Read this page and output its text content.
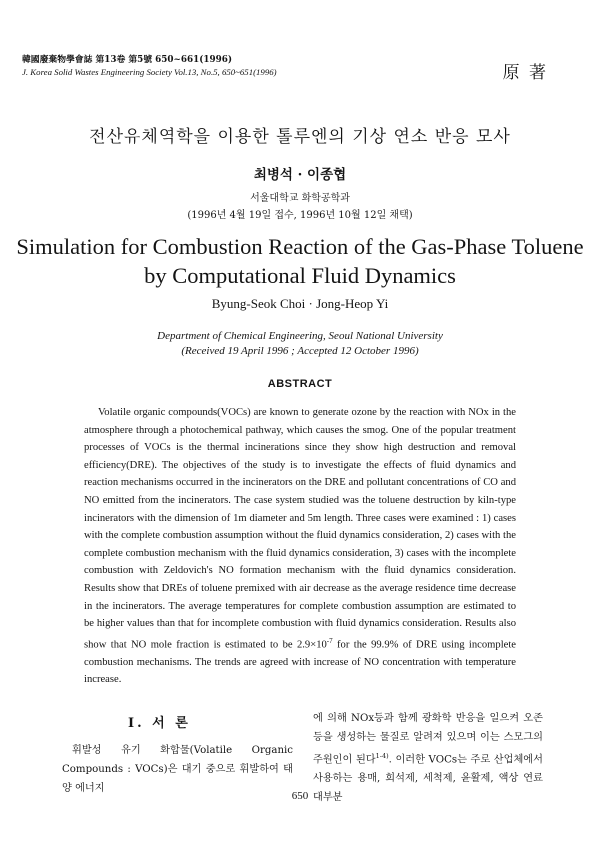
韓國廢棄物學會誌 第13卷 第5號 650~661(1996)
J. Korea Solid Wastes Engineering Society Vol.13, No.5, 650~651(1996)	原 著
전산유체역학을 이용한 톨루엔의 기상 연소 반응 모사
최병석 · 이종협
서울대학교 화학공학과
(1996년 4월 19일 접수, 1996년 10월 12일 채택)
Simulation for Combustion Reaction of the Gas-Phase Toluene
by Computational Fluid Dynamics
Byung-Seok Choi · Jong-Heop Yi
Department of Chemical Engineering, Seoul National University
(Received 19 April 1996 ; Accepted 12 October 1996)
ABSTRACT

Volatile organic compounds(VOCs) are known to generate ozone by the reaction with NOx in the atmosphere through a photochemical pathway, which causes the smog. One of the popular treatment processes of VOCs is the thermal incinerations since they show high destruction and removal efficiency(DRE). The objectives of the study is to investigate the effects of fluid dynamics and reaction mechanisms occurred in the incinerators on the DRE and pollutant concentrations of CO and NO emitted from the incinerators. The case system studied was the toluene destruction by kiln-type incinerators with the dimension of 1m diameter and 5m length. Three cases were examined : 1) cases with the complete combustion assumption without the fluid dynamics consideration, 2) cases with the complete combustion mechanism with the fluid dynamics consideration, 3) cases with the incomplete combustion with Zeldovich's NO formation mechanism with the fluid dynamics consideration. Results show that DREs of toluene premixed with air decrease as the average residence time decrease in the incinerators. The average temperatures for complete combustion assumption are estimated to be higher values than that for incomplete combustion with fluid dynamics consideration. Results also show that NO mole fraction is estimated to be $2.9\times 10^{-7}$ for the 99.9% of DRE using incomplete combustion mechanisms. The trends are agreed with increase of NO concentration with temperature increase.

Ⅰ. 서 론

휘발성 유기 화합물(Volatile Organic Compounds : VOCs)은 대기 중으로 휘발하여 태양 에너지

에 의해 NOx등과 함께 광화학 반응을 일으켜 오존등을 생성하는 물질로 알려져 있으며 이는 스모그의 주원인이 된다$^{1-4)}$. 이러한 VOCs는 주로 산업체에서 사용하는 용매, 희석제, 세척제, 윤활제, 액상 연료 대부분

650
